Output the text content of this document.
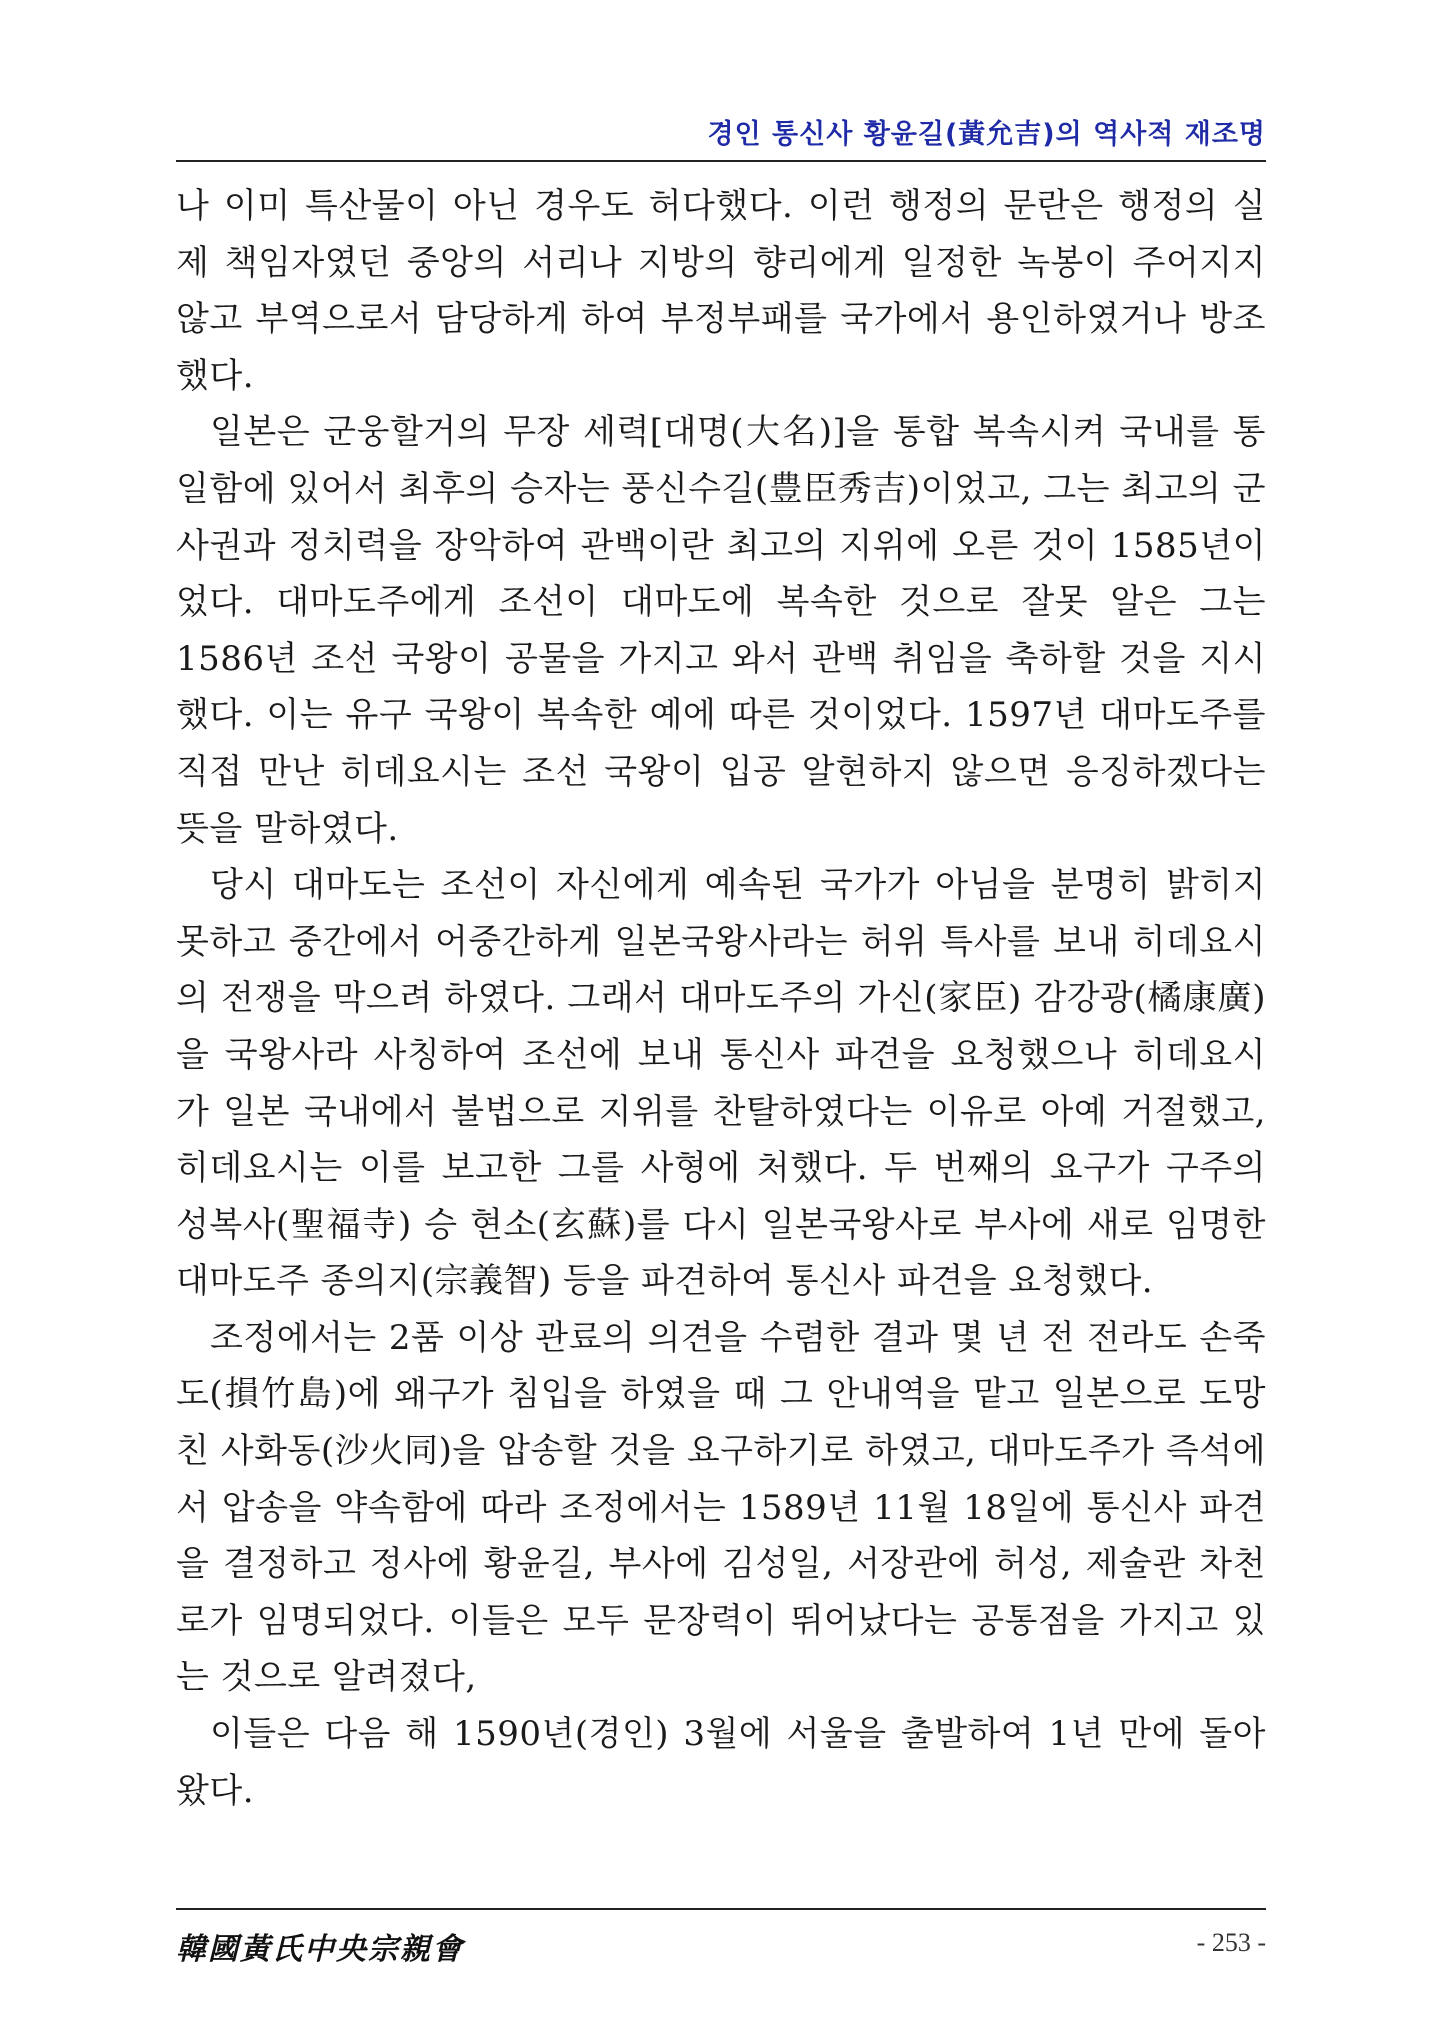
경인 통신사 황윤길(黃允吉)의 역사적 재조명

나 이미 특산물이 아닌 경우도 허다했다. 이런 행정의 문란은 행정의 실제 책임자였던 중앙의 서리나 지방의 향리에게 일정한 녹봉이 주어지지 않고 부역으로서 담당하게 하여 부정부패를 국가에서 용인하였거나 방조했다.

일본은 군웅할거의 무장 세력[대명(大名)]을 통합 복속시켜 국내를 통일함에 있어서 최후의 승자는 풍신수길(豊臣秀吉)이었고, 그는 최고의 군사권과 정치력을 장악하여 관백이란 최고의 지위에 오른 것이 1585년이었다. 대마도주에게 조선이 대마도에 복속한 것으로 잘못 알은 그는 1586년 조선 국왕이 공물을 가지고 와서 관백 취임을 축하할 것을 지시했다. 이는 유구 국왕이 복속한 예에 따른 것이었다. 1597년 대마도주를 직접 만난 히데요시는 조선 국왕이 입공 알현하지 않으면 응징하겠다는 뜻을 말하였다.

당시 대마도는 조선이 자신에게 예속된 국가가 아님을 분명히 밝히지 못하고 중간에서 어중간하게 일본국왕사라는 허위 특사를 보내 히데요시의 전쟁을 막으려 하였다. 그래서 대마도주의 가신(家臣) 감강광(橘康廣)을 국왕사라 사칭하여 조선에 보내 통신사 파견을 요청했으나 히데요시가 일본 국내에서 불법으로 지위를 찬탈하였다는 이유로 아예 거절했고, 히데요시는 이를 보고한 그를 사형에 처했다. 두 번째의 요구가 구주의 성복사(聖福寺) 승 현소(玄蘇)를 다시 일본국왕사로 부사에 새로 임명한 대마도주 종의지(宗義智) 등을 파견하여 통신사 파견을 요청했다.

조정에서는 2품 이상 관료의 의견을 수렴한 결과 몇 년 전 전라도 손죽도(損竹島)에 왜구가 침입을 하였을 때 그 안내역을 맡고 일본으로 도망친 사화동(沙火同)을 압송할 것을 요구하기로 하였고, 대마도주가 즉석에서 압송을 약속함에 따라 조정에서는 1589년 11월 18일에 통신사 파견을 결정하고 정사에 황윤길, 부사에 김성일, 서장관에 허성, 제술관 차천로가 임명되었다. 이들은 모두 문장력이 뛰어났다는 공통점을 가지고 있는 것으로 알려졌다,

이들은 다음 해 1590년(경인) 3월에 서울을 출발하여 1년 만에 돌아왔다.

韓國黃氏中央宗親會	- 253 -
